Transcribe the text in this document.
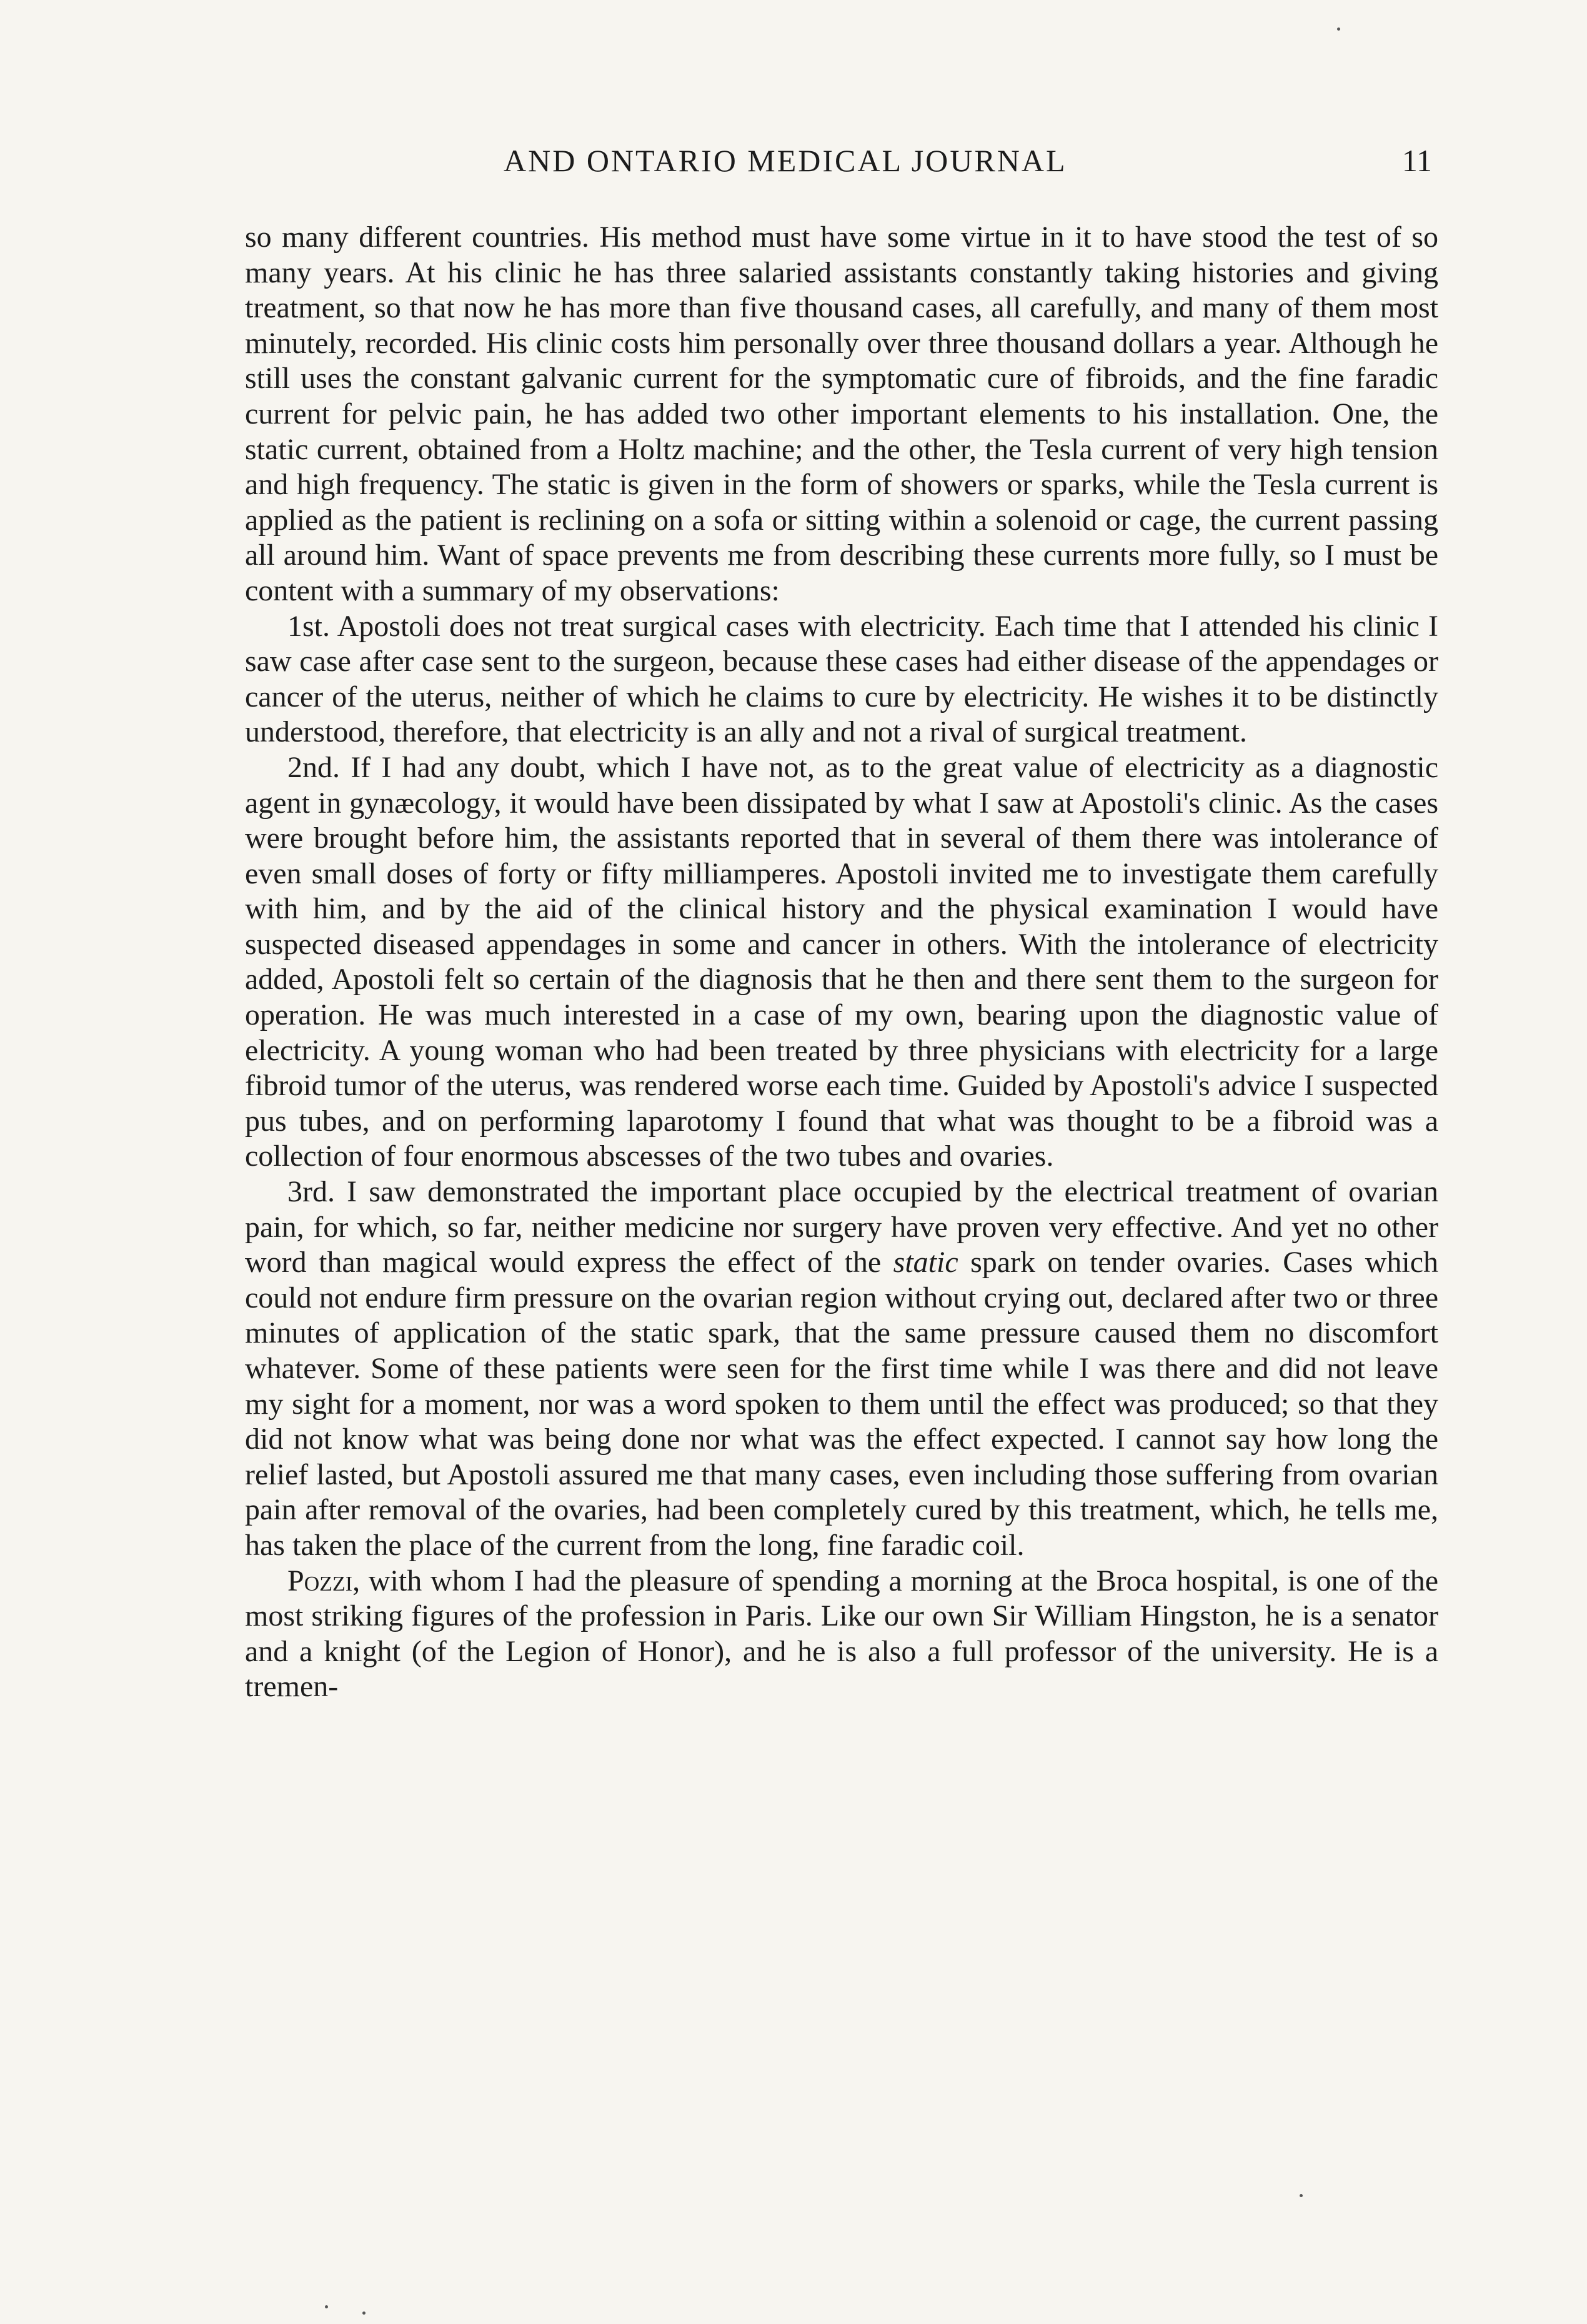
AND ONTARIO MEDICAL JOURNAL	11

so many different countries. His method must have some virtue in it to have stood the test of so many years. At his clinic he has three salaried assistants constantly taking histories and giving treatment, so that now he has more than five thousand cases, all carefully, and many of them most minutely, recorded. His clinic costs him personally over three thousand dollars a year. Although he still uses the constant galvanic current for the symptomatic cure of fibroids, and the fine faradic current for pelvic pain, he has added two other important elements to his installation. One, the static current, obtained from a Holtz machine; and the other, the Tesla current of very high tension and high frequency. The static is given in the form of showers or sparks, while the Tesla current is applied as the patient is reclining on a sofa or sitting within a solenoid or cage, the current passing all around him. Want of space prevents me from describing these currents more fully, so I must be content with a summary of my observations:

1st. Apostoli does not treat surgical cases with electricity. Each time that I attended his clinic I saw case after case sent to the surgeon, because these cases had either disease of the appendages or cancer of the uterus, neither of which he claims to cure by electricity. He wishes it to be distinctly understood, therefore, that electricity is an ally and not a rival of surgical treatment.

2nd. If I had any doubt, which I have not, as to the great value of electricity as a diagnostic agent in gynæcology, it would have been dissipated by what I saw at Apostoli's clinic. As the cases were brought before him, the assistants reported that in several of them there was intolerance of even small doses of forty or fifty milliamperes. Apostoli invited me to investigate them carefully with him, and by the aid of the clinical history and the physical examination I would have suspected diseased appendages in some and cancer in others. With the intolerance of electricity added, Apostoli felt so certain of the diagnosis that he then and there sent them to the surgeon for operation. He was much interested in a case of my own, bearing upon the diagnostic value of electricity. A young woman who had been treated by three physicians with electricity for a large fibroid tumor of the uterus, was rendered worse each time. Guided by Apostoli's advice I suspected pus tubes, and on performing laparotomy I found that what was thought to be a fibroid was a collection of four enormous abscesses of the two tubes and ovaries.

3rd. I saw demonstrated the important place occupied by the electrical treatment of ovarian pain, for which, so far, neither medicine nor surgery have proven very effective. And yet no other word than magical would express the effect of the static spark on tender ovaries. Cases which could not endure firm pressure on the ovarian region without crying out, declared after two or three minutes of application of the static spark, that the same pressure caused them no discomfort whatever. Some of these patients were seen for the first time while I was there and did not leave my sight for a moment, nor was a word spoken to them until the effect was produced; so that they did not know what was being done nor what was the effect expected. I cannot say how long the relief lasted, but Apostoli assured me that many cases, even including those suffering from ovarian pain after removal of the ovaries, had been completely cured by this treatment, which, he tells me, has taken the place of the current from the long, fine faradic coil.

Pozzi, with whom I had the pleasure of spending a morning at the Broca hospital, is one of the most striking figures of the profession in Paris. Like our own Sir William Hingston, he is a senator and a knight (of the Legion of Honor), and he is also a full professor of the university. He is a tremen-
